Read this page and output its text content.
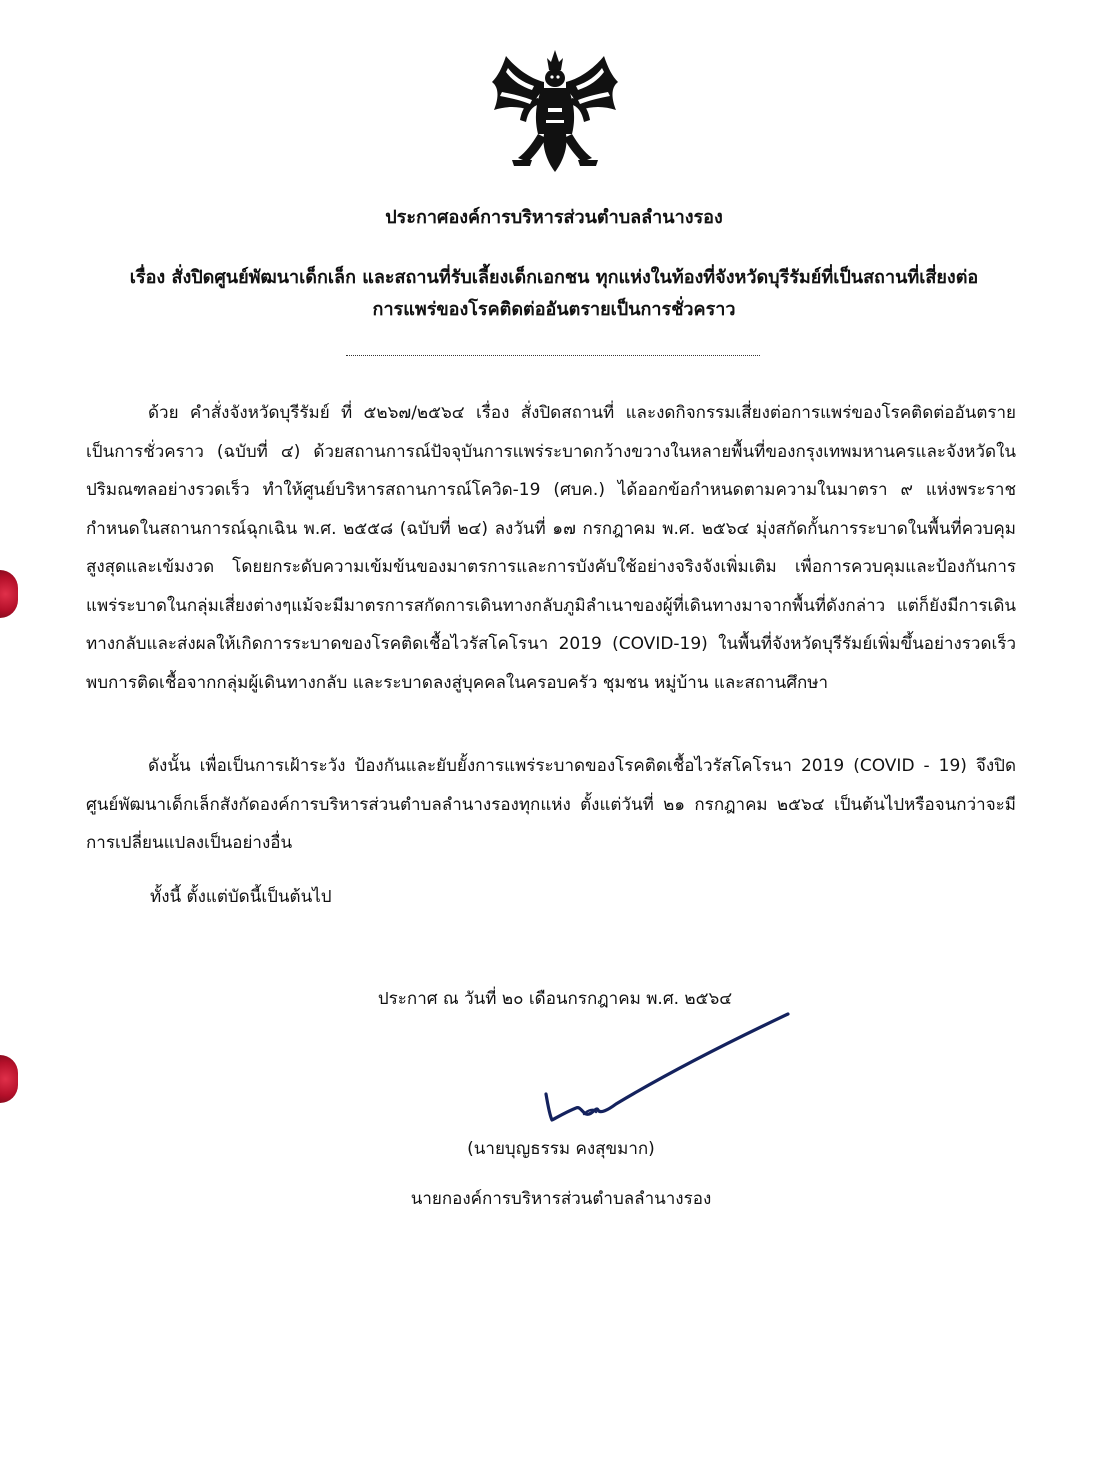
ประกาศองค์การบริหารส่วนตำบลลำนางรอง
เรื่อง สั่งปิดศูนย์พัฒนาเด็กเล็ก และสถานที่รับเลี้ยงเด็กเอกชน ทุกแห่งในท้องที่จังหวัดบุรีรัมย์ที่เป็นสถานที่เสี่ยงต่อ
การแพร่ของโรคติดต่ออันตรายเป็นการชั่วคราว

ด้วย คำสั่งจังหวัดบุรีรัมย์ ที่ ๕๒๖๗/๒๕๖๔ เรื่อง สั่งปิดสถานที่ และงดกิจกรรมเสี่ยงต่อการแพร่ของโรคติดต่ออันตรายเป็นการชั่วคราว (ฉบับที่ ๔) ด้วยสถานการณ์ปัจจุบันการแพร่ระบาดกว้างขวางในหลายพื้นที่ของกรุงเทพมหานครและจังหวัดในปริมณฑลอย่างรวดเร็ว ทำให้ศูนย์บริหารสถานการณ์โควิด-19 (ศบค.) ได้ออกข้อกำหนดตามความในมาตรา ๙ แห่งพระราชกำหนดในสถานการณ์ฉุกเฉิน พ.ศ. ๒๕๕๘ (ฉบับที่ ๒๔) ลงวันที่ ๑๗ กรกฎาคม พ.ศ. ๒๕๖๔ มุ่งสกัดกั้นการระบาดในพื้นที่ควบคุมสูงสุดและเข้มงวด โดยยกระดับความเข้มข้นของมาตรการและการบังคับใช้อย่างจริงจังเพิ่มเติม เพื่อการควบคุมและป้องกันการแพร่ระบาดในกลุ่มเสี่ยงต่างๆแม้จะมีมาตรการสกัดการเดินทางกลับภูมิลำเนาของผู้ที่เดินทางมาจากพื้นที่ดังกล่าว แต่ก็ยังมีการเดินทางกลับและส่งผลให้เกิดการระบาดของโรคติดเชื้อไวรัสโคโรนา 2019 (COVID-19) ในพื้นที่จังหวัดบุรีรัมย์เพิ่มขึ้นอย่างรวดเร็ว พบการติดเชื้อจากกลุ่มผู้เดินทางกลับ และระบาดลงสู่บุคคลในครอบครัว ชุมชน หมู่บ้าน และสถานศึกษา

ดังนั้น เพื่อเป็นการเฝ้าระวัง ป้องกันและยับยั้งการแพร่ระบาดของโรคติดเชื้อไวรัสโคโรนา 2019 (COVID - 19) จึงปิดศูนย์พัฒนาเด็กเล็กสังกัดองค์การบริหารส่วนตำบลลำนางรองทุกแห่ง ตั้งแต่วันที่ ๒๑ กรกฎาคม ๒๕๖๔ เป็นต้นไปหรือจนกว่าจะมีการเปลี่ยนแปลงเป็นอย่างอื่น

ทั้งนี้ ตั้งแต่บัดนี้เป็นต้นไป

ประกาศ ณ วันที่ ๒๐ เดือนกรกฎาคม พ.ศ. ๒๕๖๔
(นายบุญธรรม คงสุขมาก)
นายกองค์การบริหารส่วนตำบลลำนางรอง
